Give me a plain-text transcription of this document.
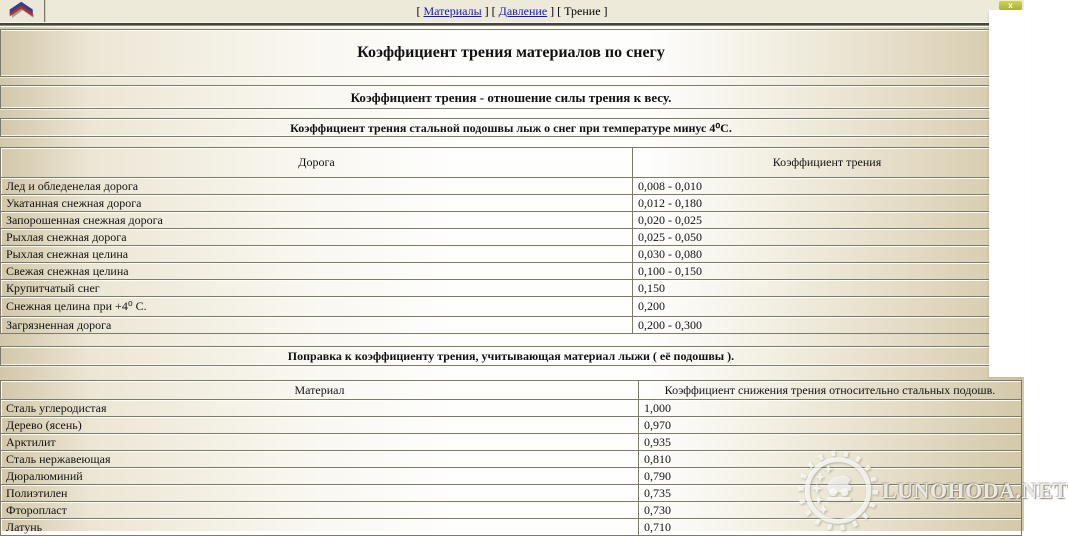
[ Материалы ] [ Давление ] [ Трение ]
Коэффициент трения материалов по снегу
Коэффициент трения - отношение силы трения к весу.
Коэффициент трения стальной подошвы лыж о снег при температуре минус 4⁰С.
Дорога	Коэффициент трения
Лед и обледенелая дорога	0,008 - 0,010
Укатанная снежная дорога	0,012 - 0,180
Запорошенная снежная дорога	0,020 - 0,025
Рыхлая снежная дорога	0,025 - 0,050
Рыхлая снежная целина	0,030 - 0,080
Свежая снежная целина	0,100 - 0,150
Крупитчатый снег	0,150
Снежная целина при +4⁰ С.	0,200
Загрязненная дорога	0,200 - 0,300
Поправка к коэффициенту трения, учитывающая материал лыжи ( её подошвы ).
Материал	Коэффициент снижения трения относительно стальных подошв.
Сталь углеродистая	1,000
Дерево (ясень)	0,970
Арктилит	0,935
Сталь нержавеющая	0,810
Дюралюминий	0,790
Полиэтилен	0,735
Фторопласт	0,730
Латунь	0,710
LUNOHODA.NET
x
